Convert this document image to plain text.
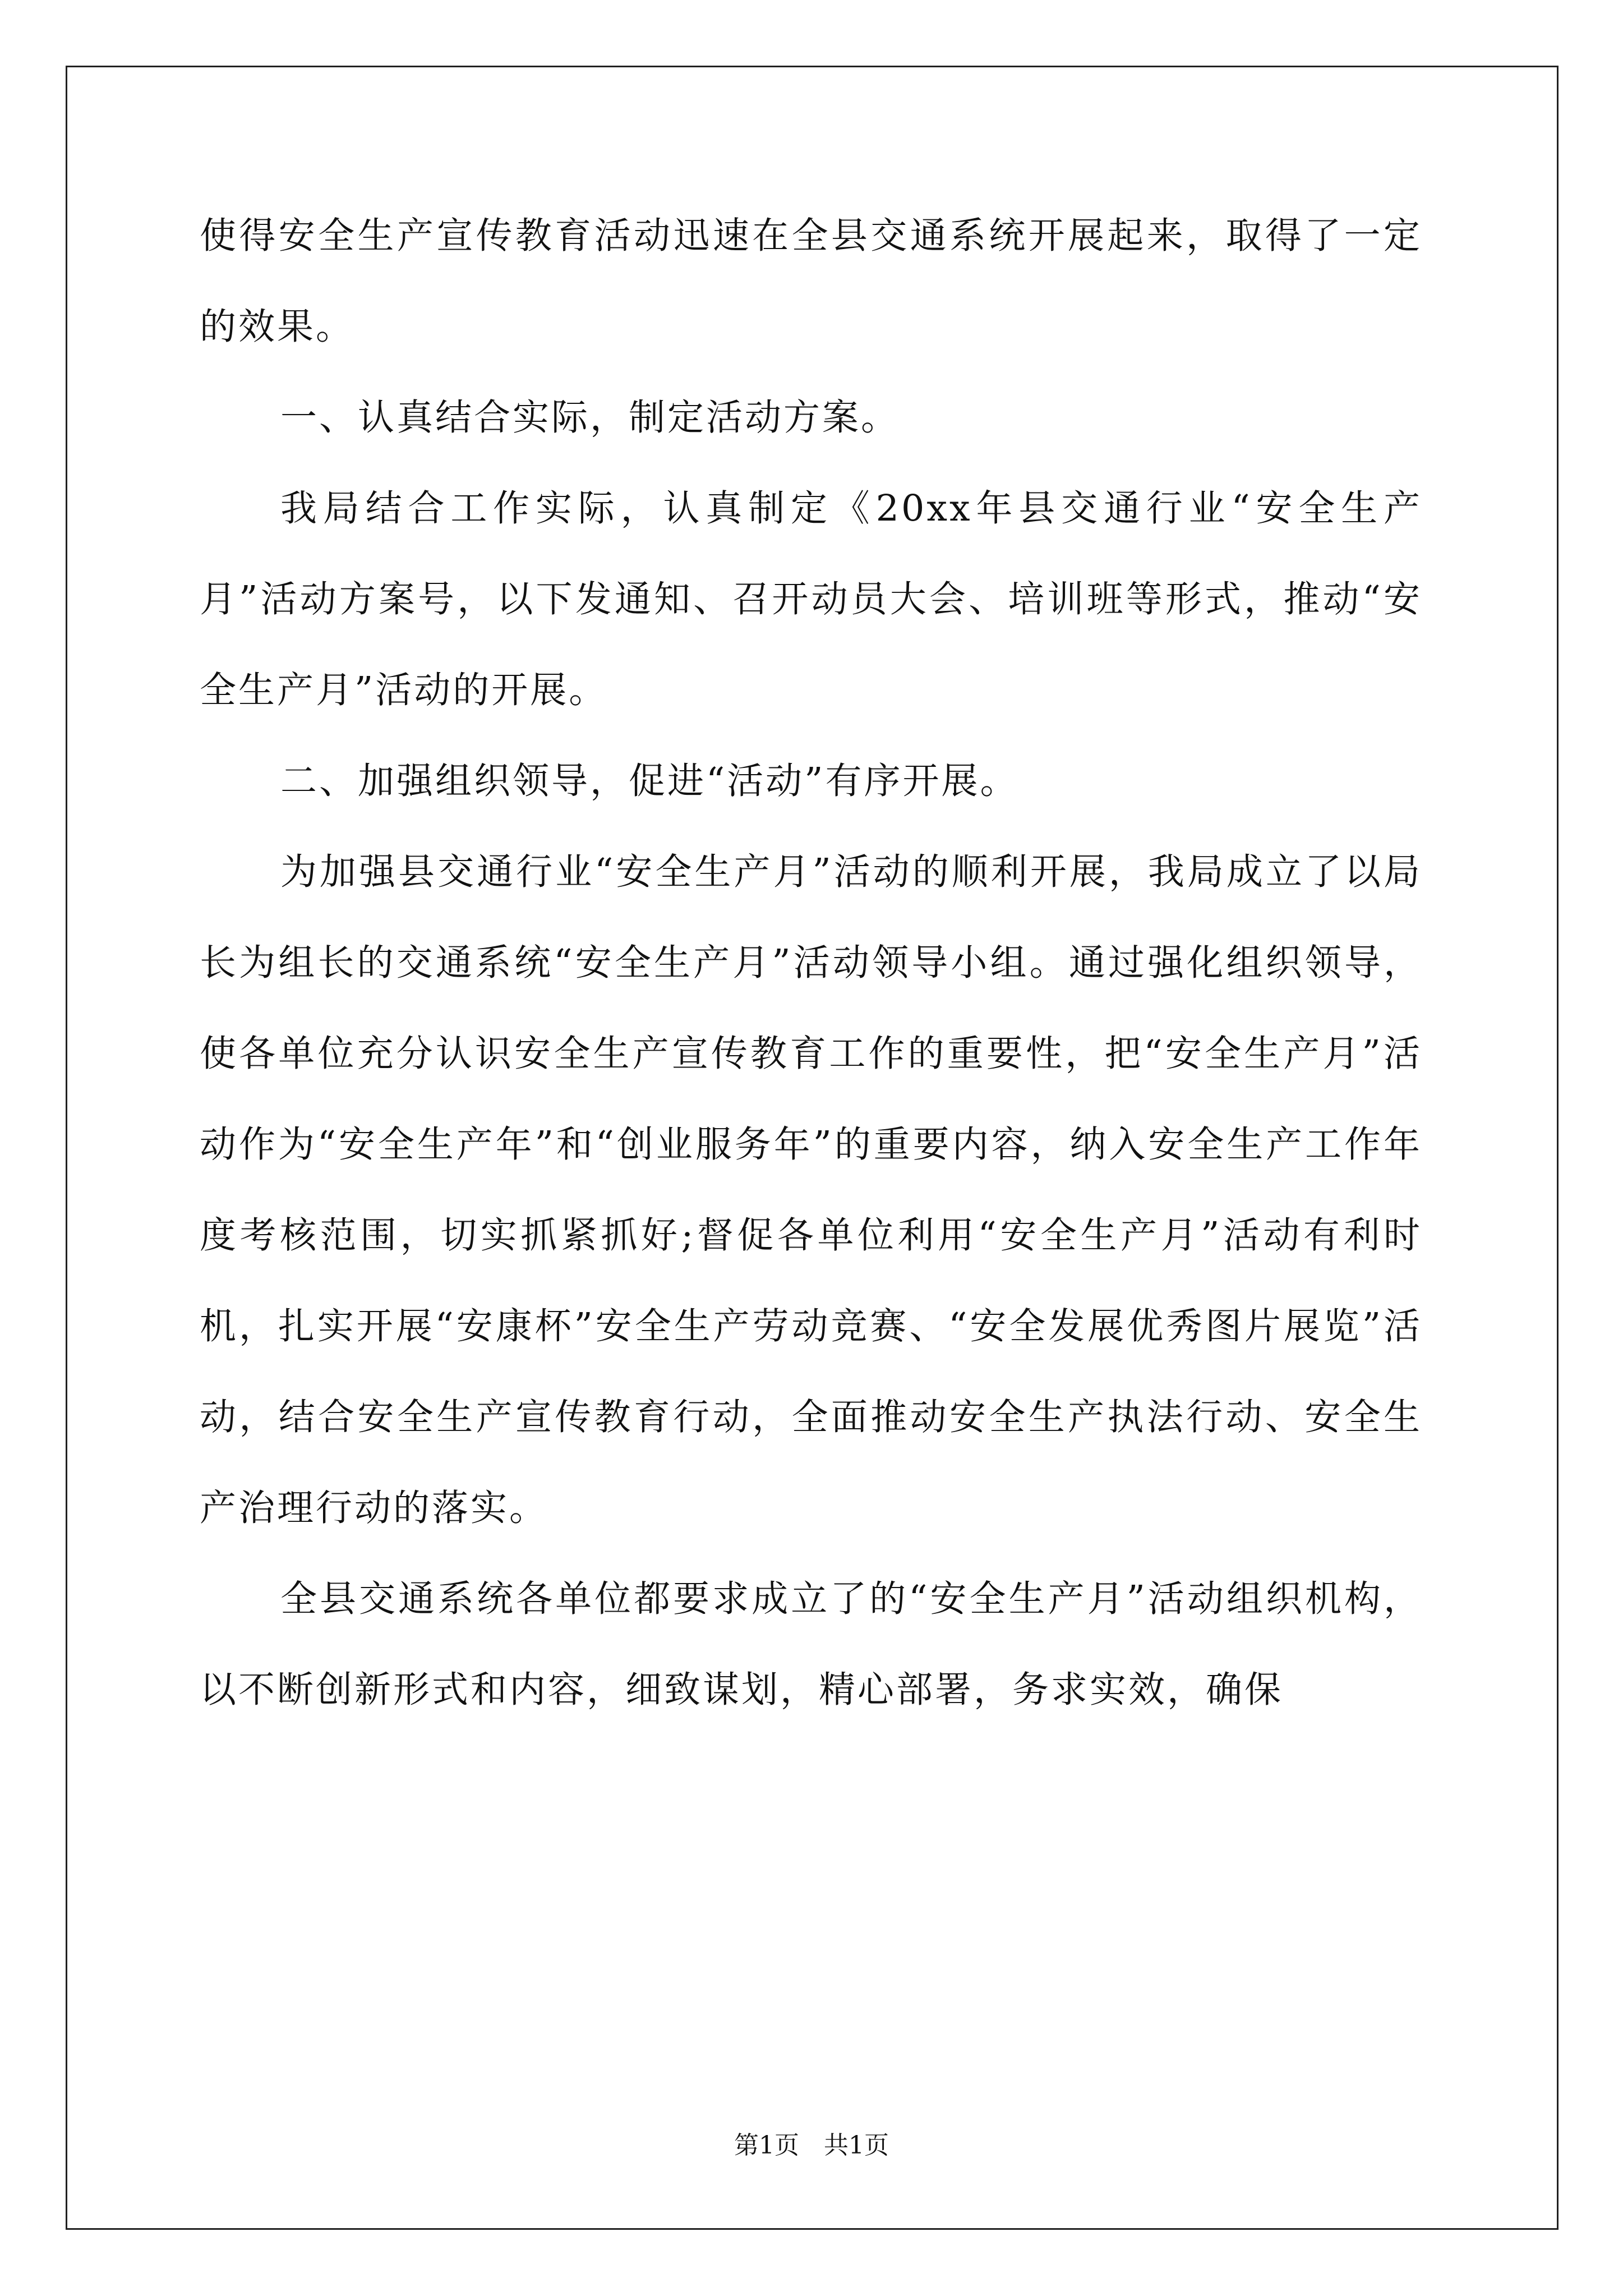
使得安全生产宣传教育活动迅速在全县交通系统开展起来，取得了一定的效果。

一、认真结合实际，制定活动方案。

我局结合工作实际，认真制定《20xx年县交通行业“安全生产月”活动方案号，以下发通知、召开动员大会、培训班等形式，推动“安全生产月”活动的开展。

二、加强组织领导，促进“活动”有序开展。

为加强县交通行业“安全生产月”活动的顺利开展，我局成立了以局长为组长的交通系统“安全生产月”活动领导小组。通过强化组织领导，使各单位充分认识安全生产宣传教育工作的重要性，把“安全生产月”活动作为“安全生产年”和“创业服务年”的重要内容，纳入安全生产工作年度考核范围，切实抓紧抓好;督促各单位利用“安全生产月”活动有利时机，扎实开展“安康杯”安全生产劳动竞赛、“安全发展优秀图片展览”活动，结合安全生产宣传教育行动，全面推动安全生产执法行动、安全生产治理行动的落实。

全县交通系统各单位都要求成立了的“安全生产月”活动组织机构，以不断创新形式和内容，细致谋划，精心部署，务求实效，确保

第1页　共1页
